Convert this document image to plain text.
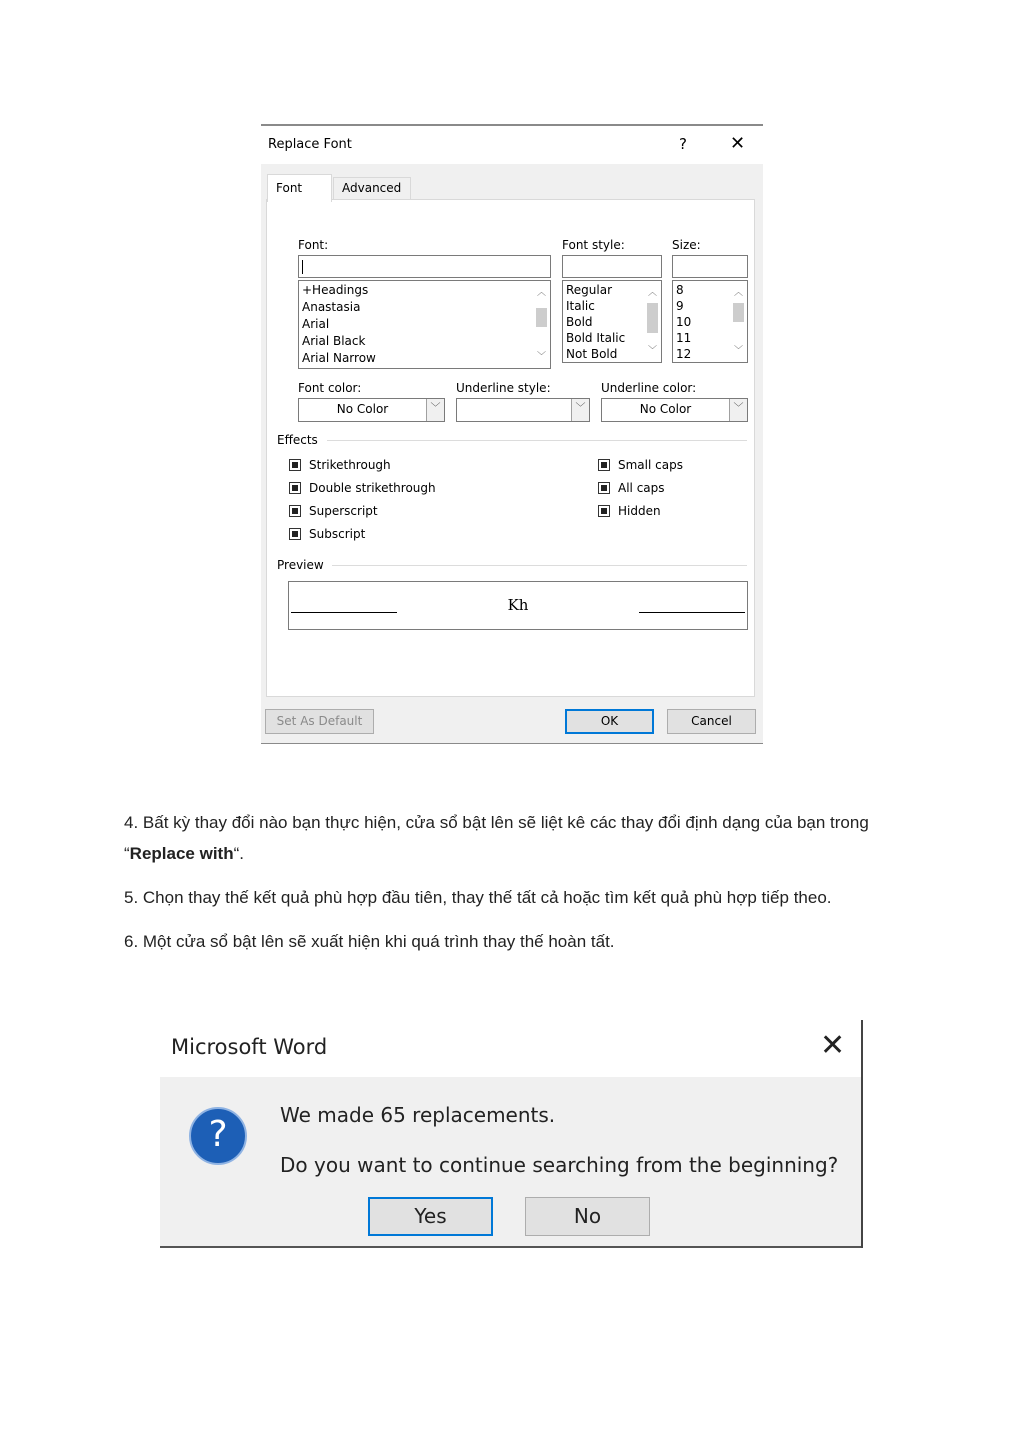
Replace Font	? ✕
Font	Advanced
Font:
+Headings
Anastasia
Arial
Arial Black
Arial Narrow
︿
﹀
Font style:
Regular
Italic
Bold
Bold Italic
Not Bold
︿
﹀
Size:
8
9
10
11
12
︿
﹀
Font color:
No Color	﹀
Underline style:
﹀
Underline color:
No Color	﹀
Effects
Strikethrough
Double strikethrough
Superscript
Subscript
Small caps
All caps
Hidden
Preview
Kh
Set As Default	OK	Cancel
4. Bất kỳ thay đổi nào bạn thực hiện, cửa sổ bật lên sẽ liệt kê các thay đổi định dạng của bạn trong
“Replace with“.
5. Chọn thay thế kết quả phù hợp đầu tiên, thay thế tất cả hoặc tìm kết quả phù hợp tiếp theo.
6. Một cửa sổ bật lên sẽ xuất hiện khi quá trình thay thế hoàn tất.
Microsoft Word	✕
?	We made 65 replacements.
Do you want to continue searching from the beginning?
Yes	No
